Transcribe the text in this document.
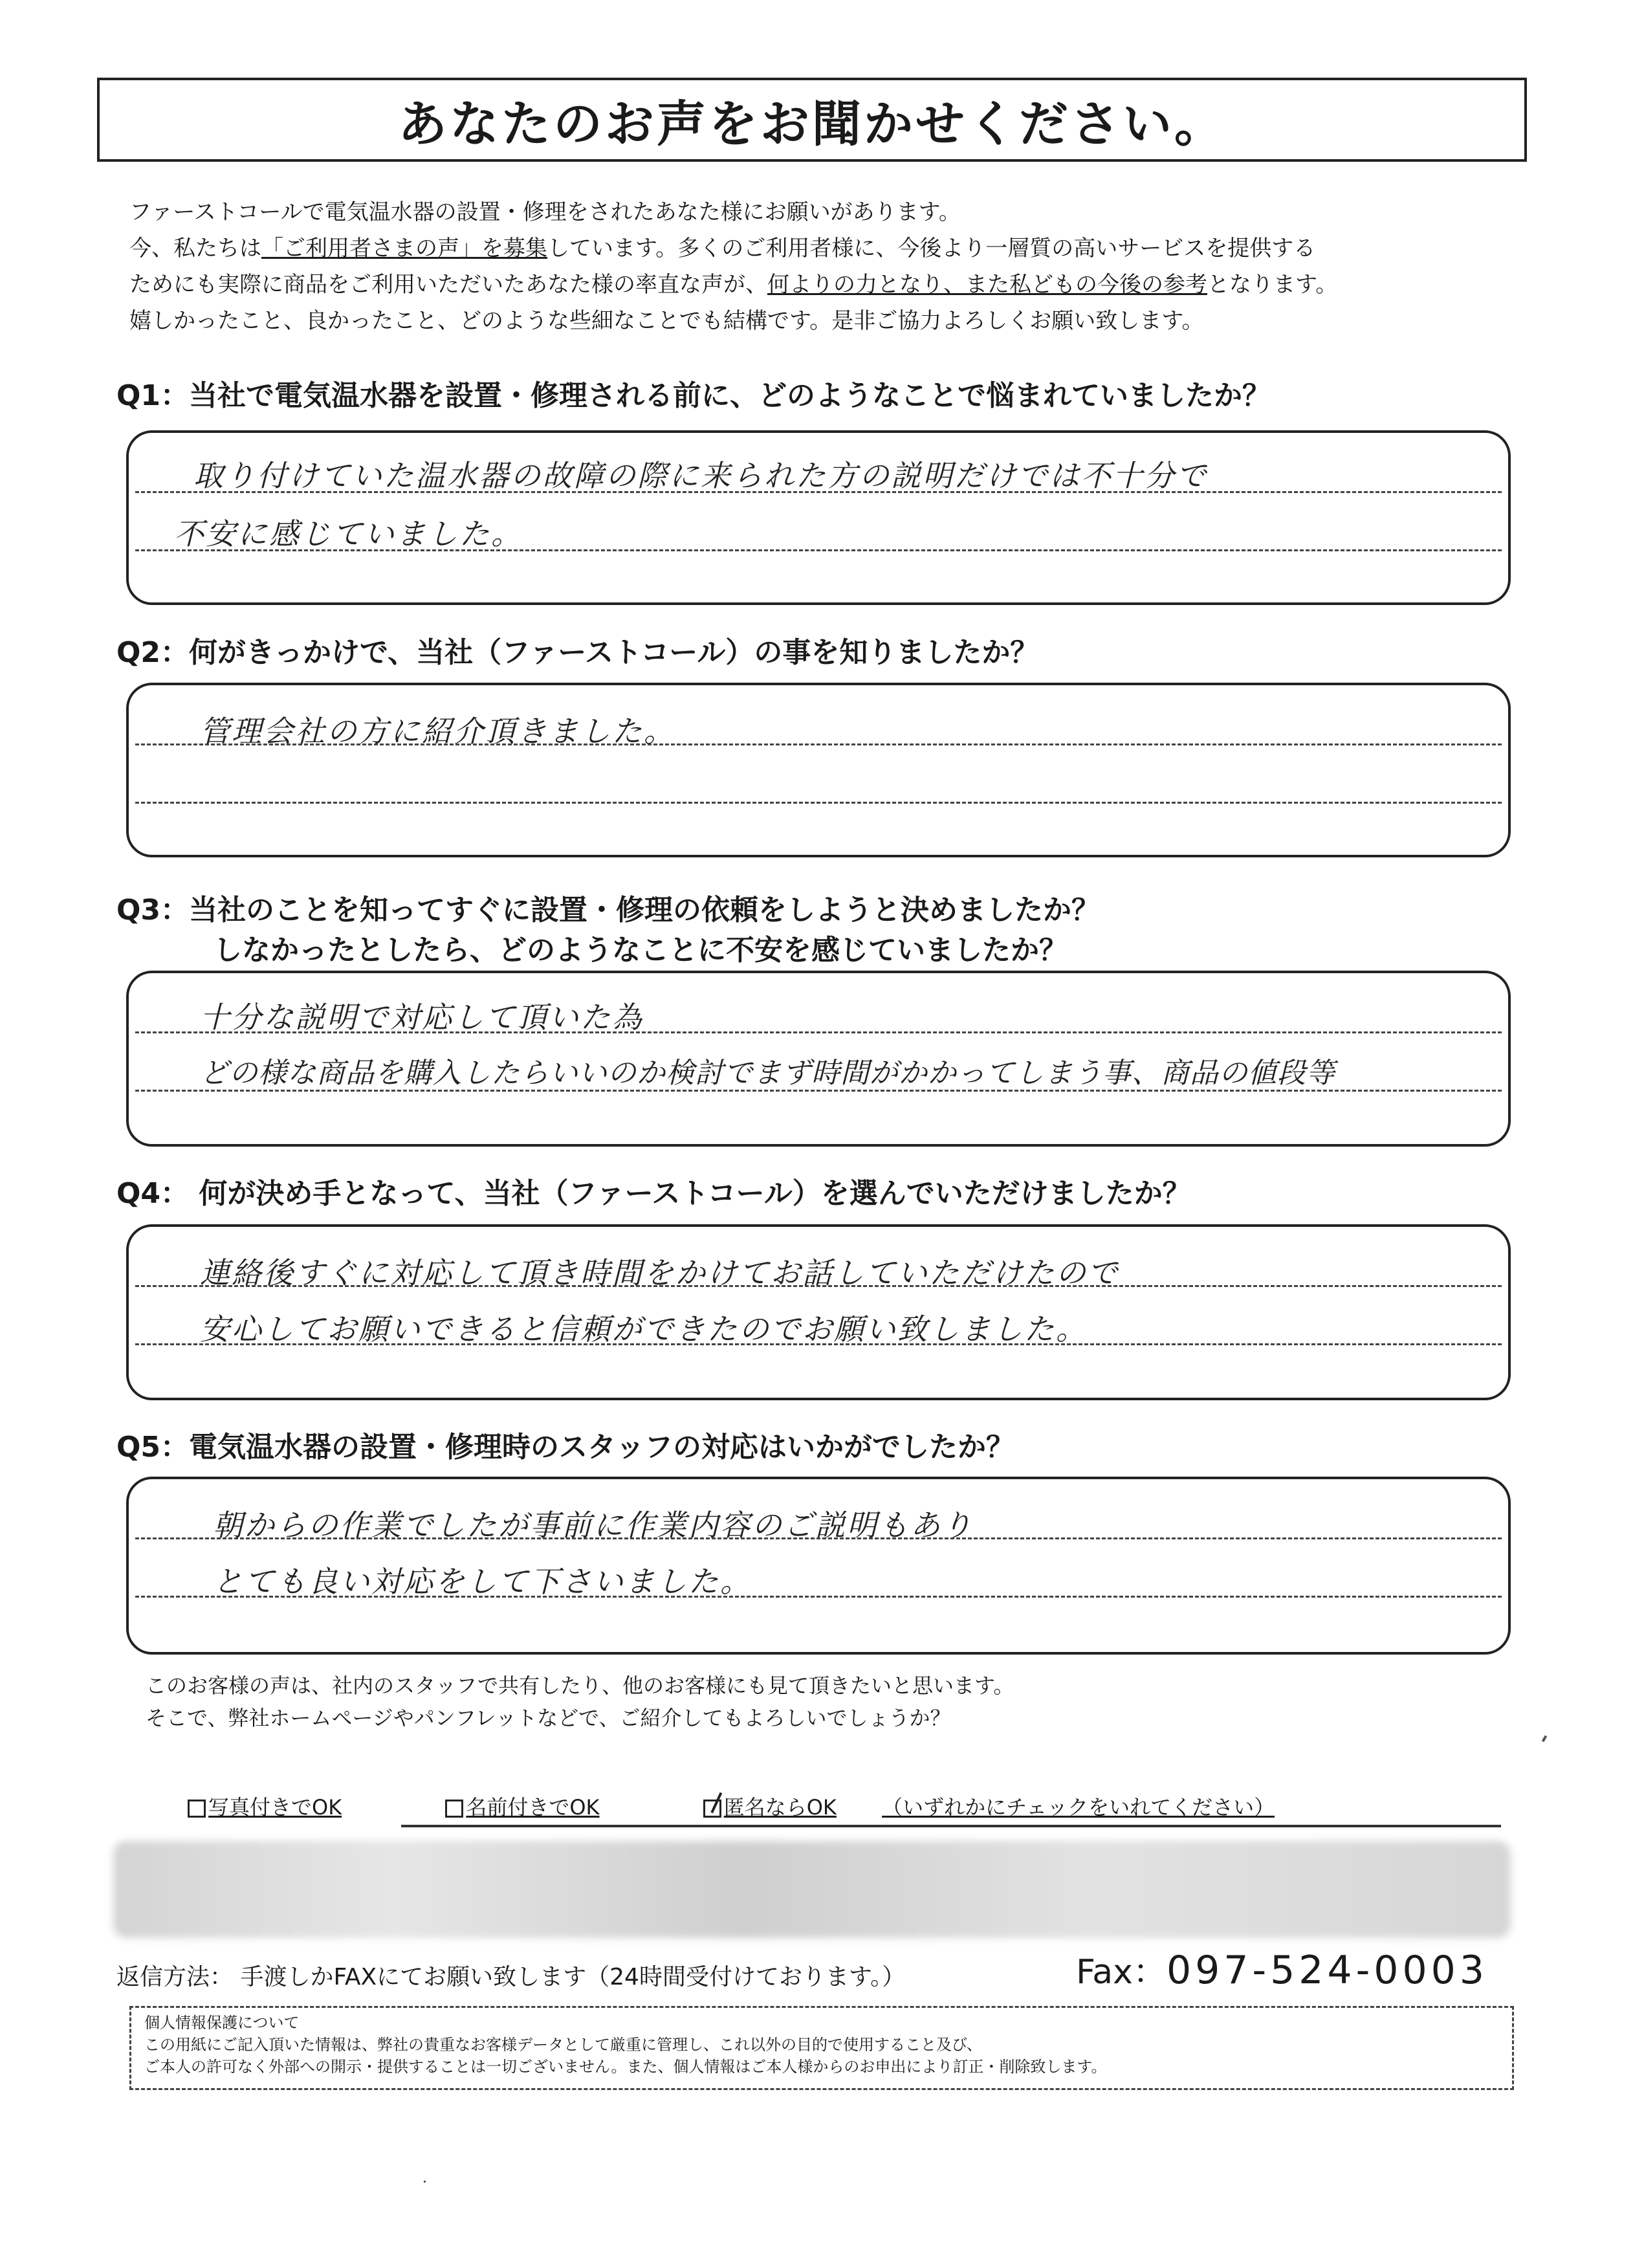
あなたのお声をお聞かせください。
ファーストコールで電気温水器の設置・修理をされたあなた様にお願いがあります。
今、私たちは「ご利用者さまの声」を募集しています。多くのご利用者様に、今後より一層質の高いサービスを提供する
ためにも実際に商品をご利用いただいたあなた様の率直な声が、何よりの力となり、また私どもの今後の参考となります。
嬉しかったこと、良かったこと、どのような些細なことでも結構です。是非ご協力よろしくお願い致します。
Q1：当社で電気温水器を設置・修理される前に、どのようなことで悩まれていましたか？
取り付けていた温水器の故障の際に来られた方の説明だけでは不十分で
不安に感じていました。
Q2：何がきっかけで、当社（ファーストコール）の事を知りましたか？
管理会社の方に紹介頂きました。
Q3：当社のことを知ってすぐに設置・修理の依頼をしようと決めましたか？
しなかったとしたら、どのようなことに不安を感じていましたか？
十分な説明で対応して頂いた為
どの様な商品を購入したらいいのか検討でまず時間がかかってしまう事、商品の値段等
Q4： 何が決め手となって、当社（ファーストコール）を選んでいただけましたか？
連絡後すぐに対応して頂き時間をかけてお話していただけたので
安心してお願いできると信頼ができたのでお願い致しました。
Q5：電気温水器の設置・修理時のスタッフの対応はいかがでしたか？
朝からの作業でしたが事前に作業内容のご説明もあり
とても良い対応をして下さいました。
このお客様の声は、社内のスタッフで共有したり、他のお客様にも見て頂きたいと思います。
そこで、弊社ホームページやパンフレットなどで、ご紹介してもよろしいでしょうか？
写真付きでOK	名前付きでOK	匿名ならOK （いずれかにチェックをいれてください）
返信方法： 手渡しかFAXにてお願い致します（24時間受付けております。）	Fax：097-524-0003
個人情報保護について
この用紙にご記入頂いた情報は、弊社の貴重なお客様データとして厳重に管理し、これ以外の目的で使用すること及び、
ご本人の許可なく外部への開示・提供することは一切ございません。また、個人情報はご本人様からのお申出により訂正・削除致します。
